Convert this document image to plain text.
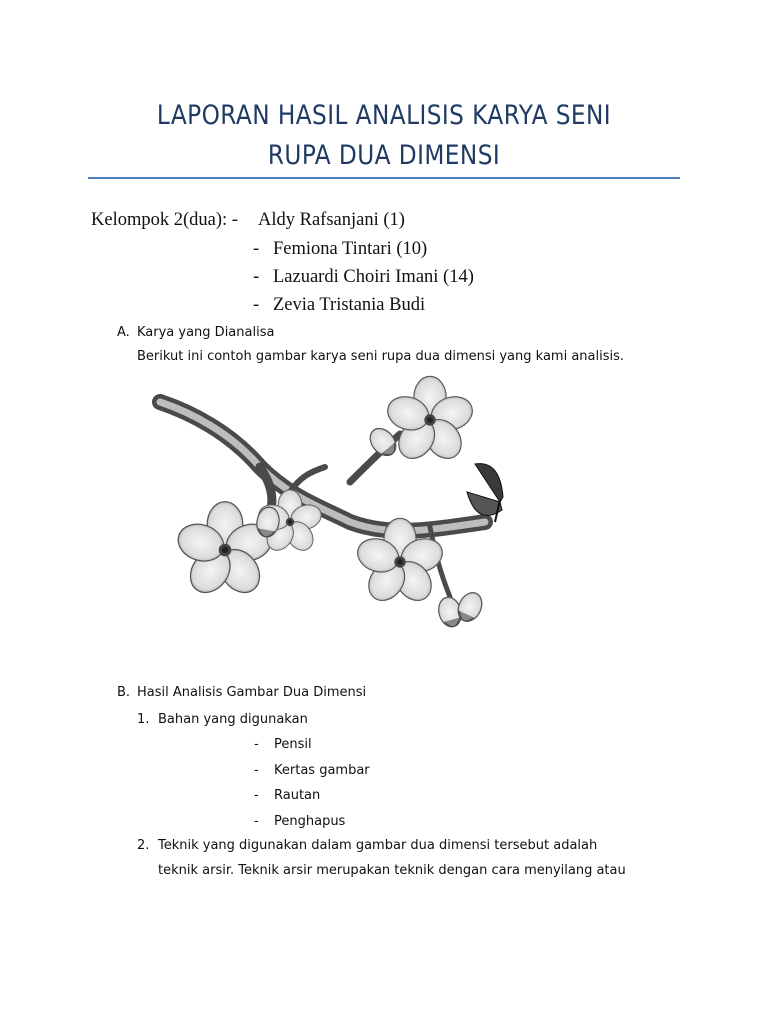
LAPORAN HASIL ANALISIS KARYA SENI
RUPA DUA DIMENSI
Kelompok 2(dua): - Aldy Rafsanjani (1)
- Femiona Tintari (10)
- Lazuardi Choiri Imani (14)
- Zevia Tristania Budi
A. Karya yang Dianalisa
Berikut ini contoh gambar karya seni rupa dua dimensi yang kami analisis.
B. Hasil Analisis Gambar Dua Dimensi
1. Bahan yang digunakan
- Pensil
- Kertas gambar
- Rautan
- Penghapus
2. Teknik yang digunakan dalam gambar dua dimensi tersebut adalah
teknik arsir. Teknik arsir merupakan teknik dengan cara menyilang atau
